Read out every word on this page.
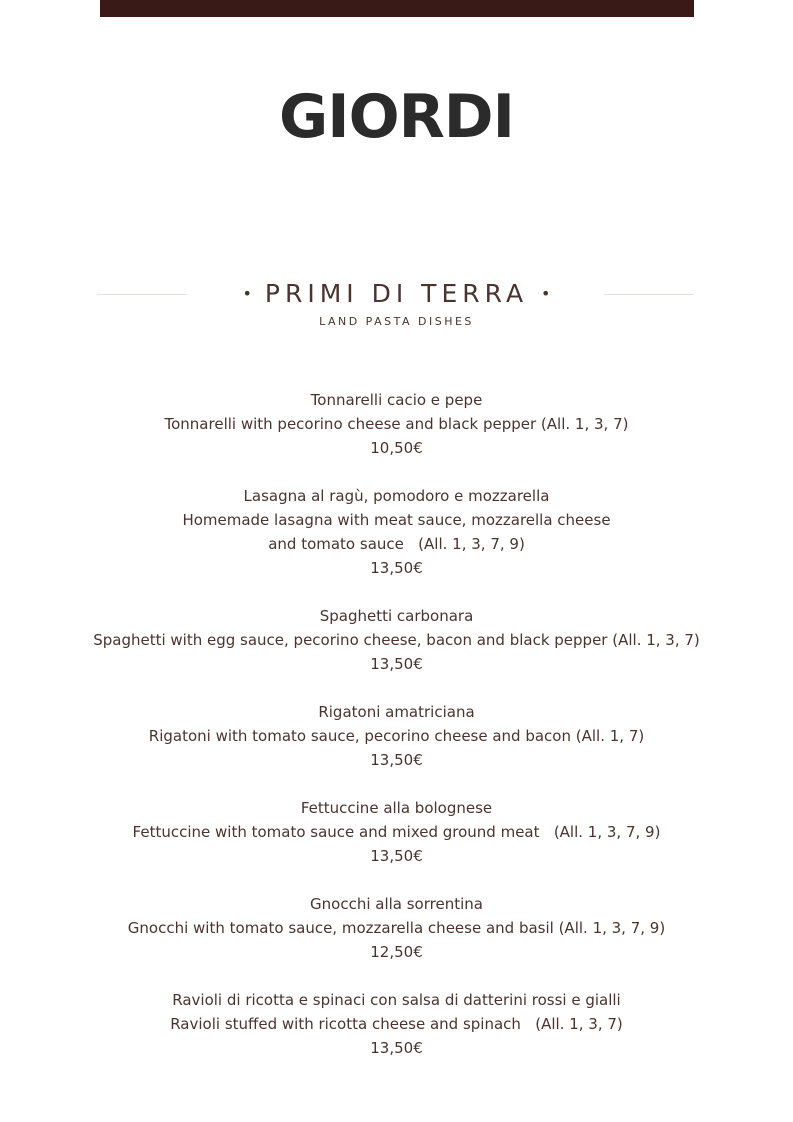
GIORDI
• PRIMI DI TERRA •
LAND PASTA DISHES
Tonnarelli cacio e pepe
Tonnarelli with pecorino cheese and black pepper (All. 1, 3, 7)
10,50€
Lasagna al ragù, pomodoro e mozzarella
Homemade lasagna with meat sauce, mozzarella cheese
and tomato sauce   (All. 1, 3, 7, 9)
13,50€
Spaghetti carbonara
Spaghetti with egg sauce, pecorino cheese, bacon and black pepper (All. 1, 3, 7)
13,50€
Rigatoni amatriciana
Rigatoni with tomato sauce, pecorino cheese and bacon (All. 1, 7)
13,50€
Fettuccine alla bolognese
Fettuccine with tomato sauce and mixed ground meat   (All. 1, 3, 7, 9)
13,50€
Gnocchi alla sorrentina
Gnocchi with tomato sauce, mozzarella cheese and basil (All. 1, 3, 7, 9)
12,50€
Ravioli di ricotta e spinaci con salsa di datterini rossi e gialli
Ravioli stuffed with ricotta cheese and spinach   (All. 1, 3, 7)
13,50€
